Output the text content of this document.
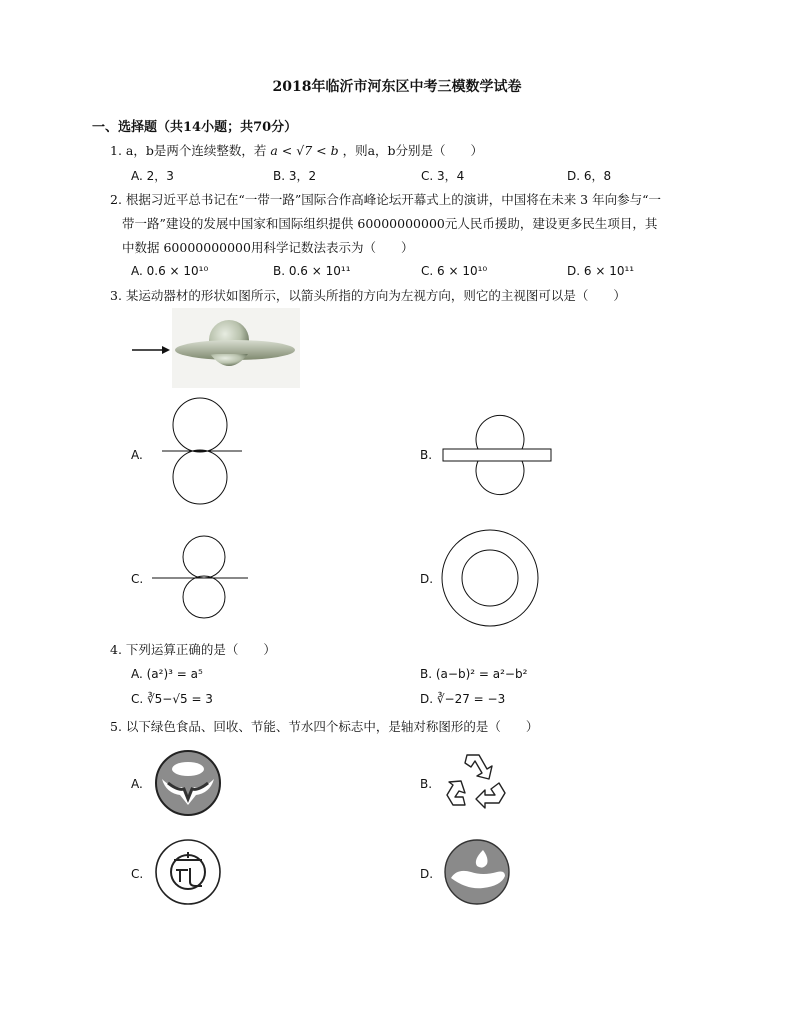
2018年临沂市河东区中考三模数学试卷
一、选择题（共14小题；共70分）
1. a，b是两个连续整数，若 a < √7 < b ，则a，b分别是（　　）
A. 2，3	B. 3，2	C. 3，4	D. 6，8
2. 根据习近平总书记在“一带一路”国际合作高峰论坛开幕式上的演讲，中国将在未来 3 年向参与“一
带一路”建设的发展中国家和国际组织提供 60000000000元人民币援助，建设更多民生项目，其
中数据 60000000000用科学记数法表示为（　　）
A. 0.6 × 10¹⁰	B. 0.6 × 10¹¹	C. 6 × 10¹⁰	D. 6 × 10¹¹
3. 某运动器材的形状如图所示，以箭头所指的方向为左视方向，则它的主视图可以是（　　）
A.	B.
C.	D.
4. 下列运算正确的是（　　）
A. (a²)³ = a⁵	B. (a−b)² = a²−b²
C. ∛5−√5 = 3	D. ∛−27 = −3
5. 以下绿色食品、回收、节能、节水四个标志中，是轴对称图形的是（　　）
A.	B.
C.	D.
